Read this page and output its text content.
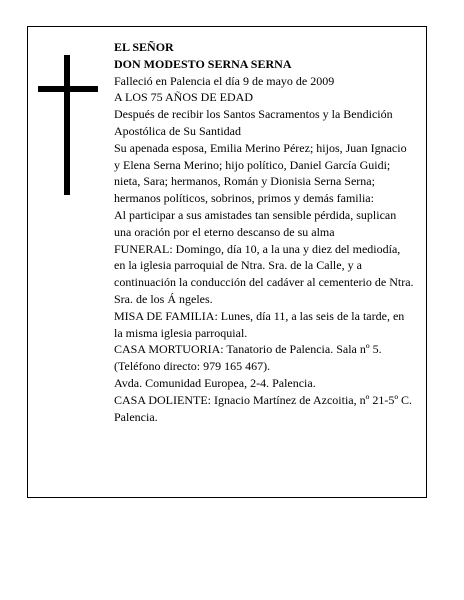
EL SEÑOR

DON MODESTO SERNA SERNA

Falleció en Palencia el día 9 de mayo de 2009

A LOS 75 AÑOS DE EDAD

Después de recibir los Santos Sacramentos y la Bendición Apostólica de Su Santidad

Su apenada esposa, Emilia Merino Pérez; hijos, Juan Ignacio y Elena Serna Merino; hijo político, Daniel García Guidi; nieta, Sara; hermanos, Román y Dionisia Serna Serna; hermanos políticos, sobrinos, primos y demás familia:

Al participar a sus amistades tan sensible pérdida, suplican una oración por el eterno descanso de su alma

FUNERAL: Domingo, día 10, a la una y diez del mediodía, en la iglesia parroquial de Ntra. Sra. de la Calle, y a continuación la conducción del cadáver al cementerio de Ntra. Sra. de los Á ngeles.

MISA DE FAMILIA: Lunes, día 11, a las seis de la tarde, en la misma iglesia parroquial.

CASA MORTUORIA: Tanatorio de Palencia. Sala nº 5. (Teléfono directo: 979 165 467).

Avda. Comunidad Europea, 2-4. Palencia.

CASA DOLIENTE: Ignacio Martínez de Azcoitia, nº 21-5º C. Palencia.
